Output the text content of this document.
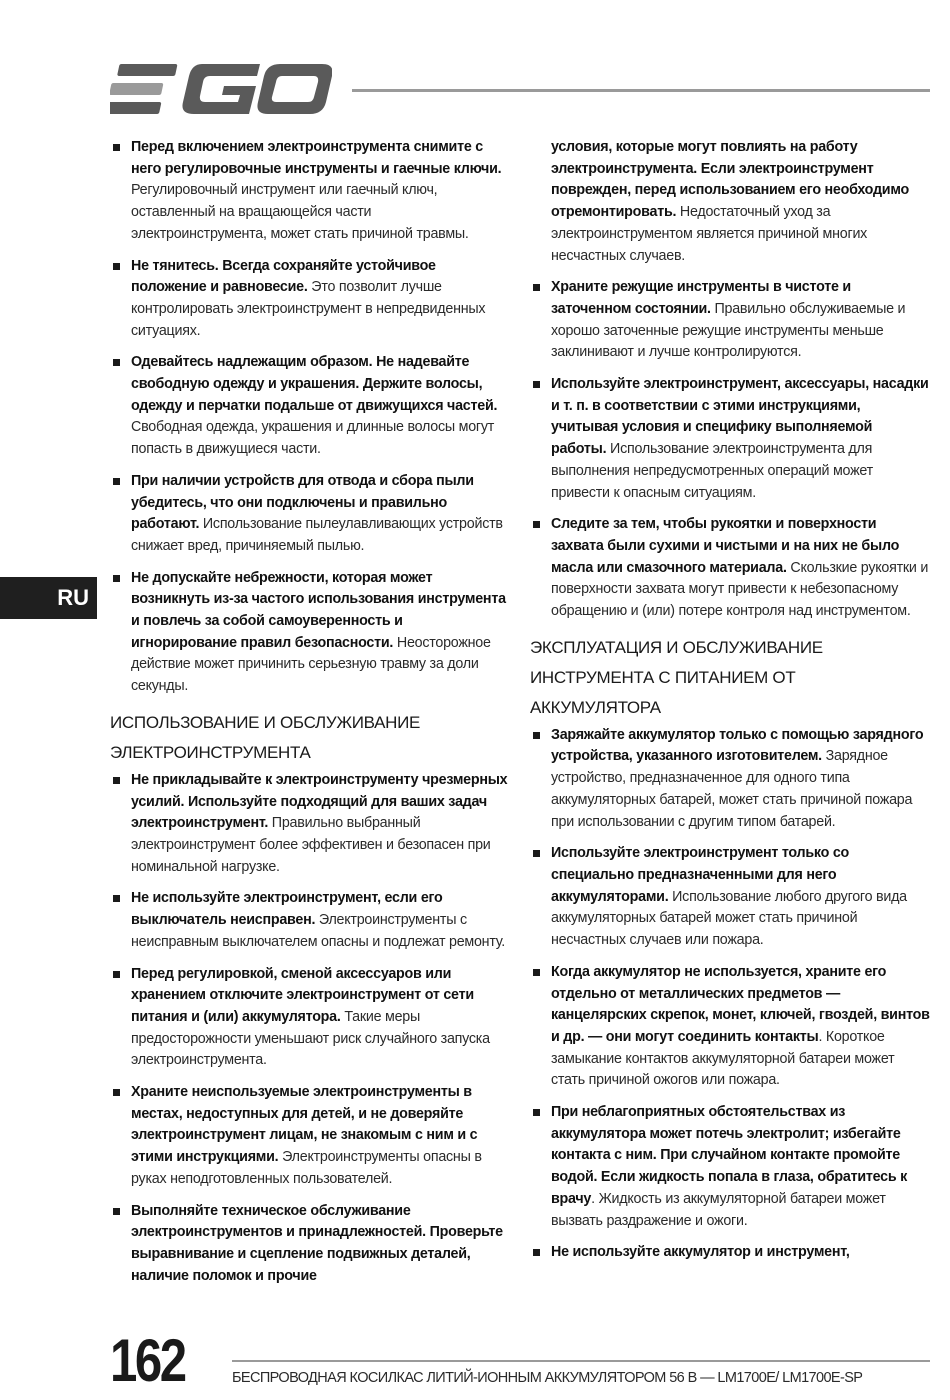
RU
Перед включением электроинструмента снимите с него регулировочные инструменты и гаечные ключи. Регулировочный инструмент или гаечный ключ, оставленный на вращающейся части электроинструмента, может стать причиной травмы.
Не тянитесь. Всегда сохраняйте устойчивое положение и равновесие. Это позволит лучше контролировать электроинструмент в непредвиденных ситуациях.
Одевайтесь надлежащим образом. Не надевайте свободную одежду и украшения. Держите волосы, одежду и перчатки подальше от движущихся частей. Свободная одежда, украшения и длинные волосы могут попасть в движущиеся части.
При наличии устройств для отвода и сбора пыли убедитесь, что они подключены и правильно работают. Использование пылеулавливающих устройств снижает вред, причиняемый пылью.
Не допускайте небрежности, которая может возникнуть из-за частого использования инструмента и повлечь за собой самоуверенность и игнорирование правил безопасности. Неосторожное действие может причинить серьезную травму за доли секунды.
ИСПОЛЬЗОВАНИЕ И ОБСЛУЖИВАНИЕ ЭЛЕКТРОИНСТРУМЕНТА
Не прикладывайте к электроинструменту чрезмерных усилий. Используйте подходящий для ваших задач электроинструмент. Правильно выбранный электроинструмент более эффективен и безопасен при номинальной нагрузке.
Не используйте электроинструмент, если его выключатель неисправен. Электроинструменты с неисправным выключателем опасны и подлежат ремонту.
Перед регулировкой, сменой аксессуаров или хранением отключите электроинструмент от сети питания и (или) аккумулятора. Такие меры предосторожности уменьшают риск случайного запуска электроинструмента.
Храните неиспользуемые электроинструменты в местах, недоступных для детей, и не доверяйте электроинструмент лицам, не знакомым с ним и с этими инструкциями. Электроинструменты опасны в руках неподготовленных пользователей.
Выполняйте техническое обслуживание электроинструментов и принадлежностей. Проверьте выравнивание и сцепление подвижных деталей, наличие поломок и прочие
условия, которые могут повлиять на работу электроинструмента. Если электроинструмент поврежден, перед использованием его необходимо отремонтировать. Недостаточный уход за электроинструментом является причиной многих несчастных случаев.
Храните режущие инструменты в чистоте и заточенном состоянии. Правильно обслуживаемые и хорошо заточенные режущие инструменты меньше заклинивают и лучше контролируются.
Используйте электроинструмент, аксессуары, насадки и т. п. в соответствии с этими инструкциями, учитывая условия и специфику выполняемой работы. Использование электроинструмента для выполнения непредусмотренных операций может привести к опасным ситуациям.
Следите за тем, чтобы рукоятки и поверхности захвата были сухими и чистыми и на них не было масла или смазочного материала. Скользкие рукоятки и поверхности захвата могут привести к небезопасному обращению и (или) потере контроля над инструментом.
ЭКСПЛУАТАЦИЯ И ОБСЛУЖИВАНИЕ ИНСТРУМЕНТА С ПИТАНИЕМ ОТ АККУМУЛЯТОРА
Заряжайте аккумулятор только с помощью зарядного устройства, указанного изготовителем. Зарядное устройство, предназначенное для одного типа аккумуляторных батарей, может стать причиной пожара при использовании с другим типом батарей.
Используйте электроинструмент только со специально предназначенными для него аккумуляторами. Использование любого другого вида аккумуляторных батарей может стать причиной несчастных случаев или пожара.
Когда аккумулятор не используется, храните его отдельно от металлических предметов — канцелярских скрепок, монет, ключей, гвоздей, винтов и др. — они могут соединить контакты. Короткое замыкание контактов аккумуляторной батареи может стать причиной ожогов или пожара.
При неблагоприятных обстоятельствах из аккумулятора может потечь электролит; избегайте контакта с ним. При случайном контакте промойте водой. Если жидкость попала в глаза, обратитесь к врачу. Жидкость из аккумуляторной батареи может вызвать раздражение и ожоги.
Не используйте аккумулятор и инструмент,
162	БЕСПРОВОДНАЯ КОСИЛКАС ЛИТИЙ-ИОННЫМ АККУМУЛЯТОРОМ 56 В — LM1700E/ LM1700E-SP
